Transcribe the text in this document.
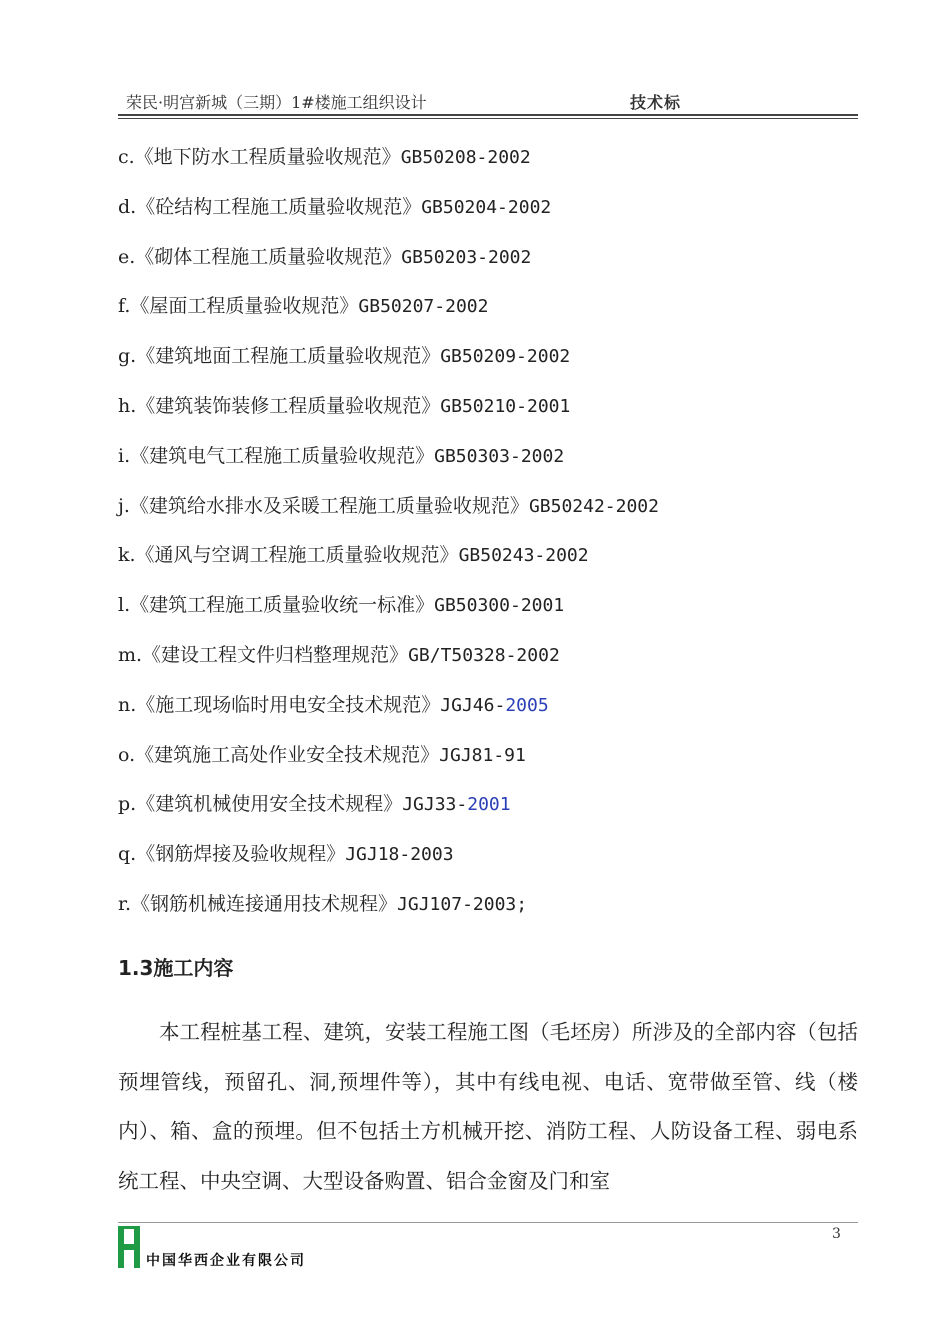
荣民·明宫新城（三期）1#楼施工组织设计	技术标
c.《地下防水工程质量验收规范》GB50208-2002
d.《砼结构工程施工质量验收规范》GB50204-2002
e.《砌体工程施工质量验收规范》GB50203-2002
f.《屋面工程质量验收规范》GB50207-2002
g.《建筑地面工程施工质量验收规范》GB50209-2002
h.《建筑装饰装修工程质量验收规范》GB50210-2001
i.《建筑电气工程施工质量验收规范》GB50303-2002
j.《建筑给水排水及采暖工程施工质量验收规范》GB50242-2002
k.《通风与空调工程施工质量验收规范》GB50243-2002
l.《建筑工程施工质量验收统一标准》GB50300-2001
m.《建设工程文件归档整理规范》GB/T50328-2002
n.《施工现场临时用电安全技术规范》JGJ46-2005
o.《建筑施工高处作业安全技术规范》JGJ81-91
p.《建筑机械使用安全技术规程》JGJ33-2001
q.《钢筋焊接及验收规程》JGJ18-2003
r.《钢筋机械连接通用技术规程》JGJ107-2003;
1.3施工内容

本工程桩基工程、建筑，安装工程施工图（毛坯房）所涉及的全部内容（包括预埋管线，预留孔、洞,预埋件等），其中有线电视、电话、宽带做至管、线（楼内）、箱、盒的预埋。但不包括土方机械开挖、消防工程、人防设备工程、弱电系统工程、中央空调、大型设备购置、铝合金窗及门和室

3
中国华西企业有限公司
